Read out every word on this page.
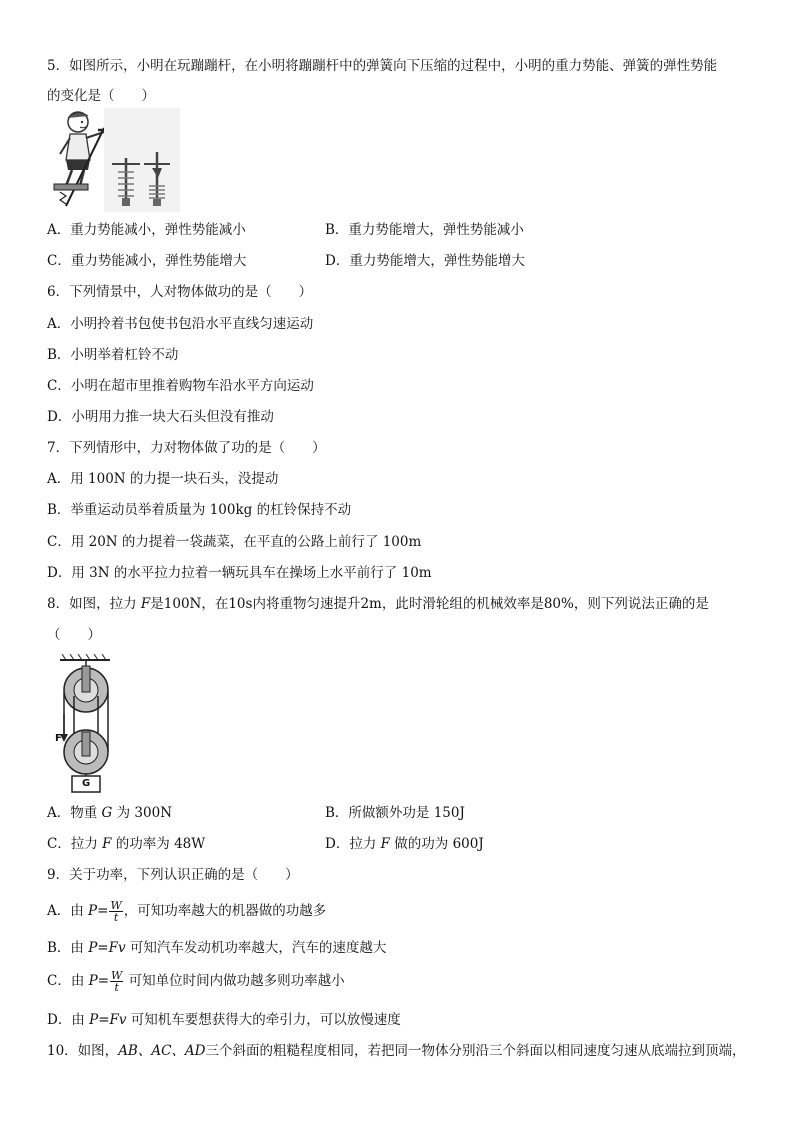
5．如图所示，小明在玩蹦蹦杆，在小明将蹦蹦杆中的弹簧向下压缩的过程中，小明的重力势能、弹簧的弹性势能
的变化是（　　）
A．重力势能减小，弹性势能减小	B．重力势能增大，弹性势能减小
C．重力势能减小，弹性势能增大	D．重力势能增大，弹性势能增大
6．下列情景中，人对物体做功的是（　　）
A．小明拎着书包使书包沿水平直线匀速运动
B．小明举着杠铃不动
C．小明在超市里推着购物车沿水平方向运动
D．小明用力推一块大石头但没有推动
7．下列情形中，力对物体做了功的是（　　）
A．用 100N 的力提一块石头，没提动
B．举重运动员举着质量为 100kg 的杠铃保持不动
C．用 20N 的力提着一袋蔬菜，在平直的公路上前行了 100m
D．用 3N 的水平拉力拉着一辆玩具车在操场上水平前行了 10m
8．如图，拉力 F是100N，在10s内将重物匀速提升2m，此时滑轮组的机械效率是80%，则下列说法正确的是
（　　）
F
G
A．物重 G 为 300N	B．所做额外功是 150J
C．拉力 F 的功率为 48W	D．拉力 F 做的功为 600J
9．关于功率，下列认识正确的是（　　）
A．由 $P= \frac{W}{t}$ ，可知功率越大的机器做的功越多
B．由 P=Fv 可知汽车发动机功率越大，汽车的速度越大
C．由 $P= \frac{W}{t}$ 可知单位时间内做功越多则功率越小
D．由 P=Fv 可知机车要想获得大的牵引力，可以放慢速度
10．如图，AB、AC、AD三个斜面的粗糙程度相同，若把同一物体分别沿三个斜面以相同速度匀速从底端拉到顶端，
